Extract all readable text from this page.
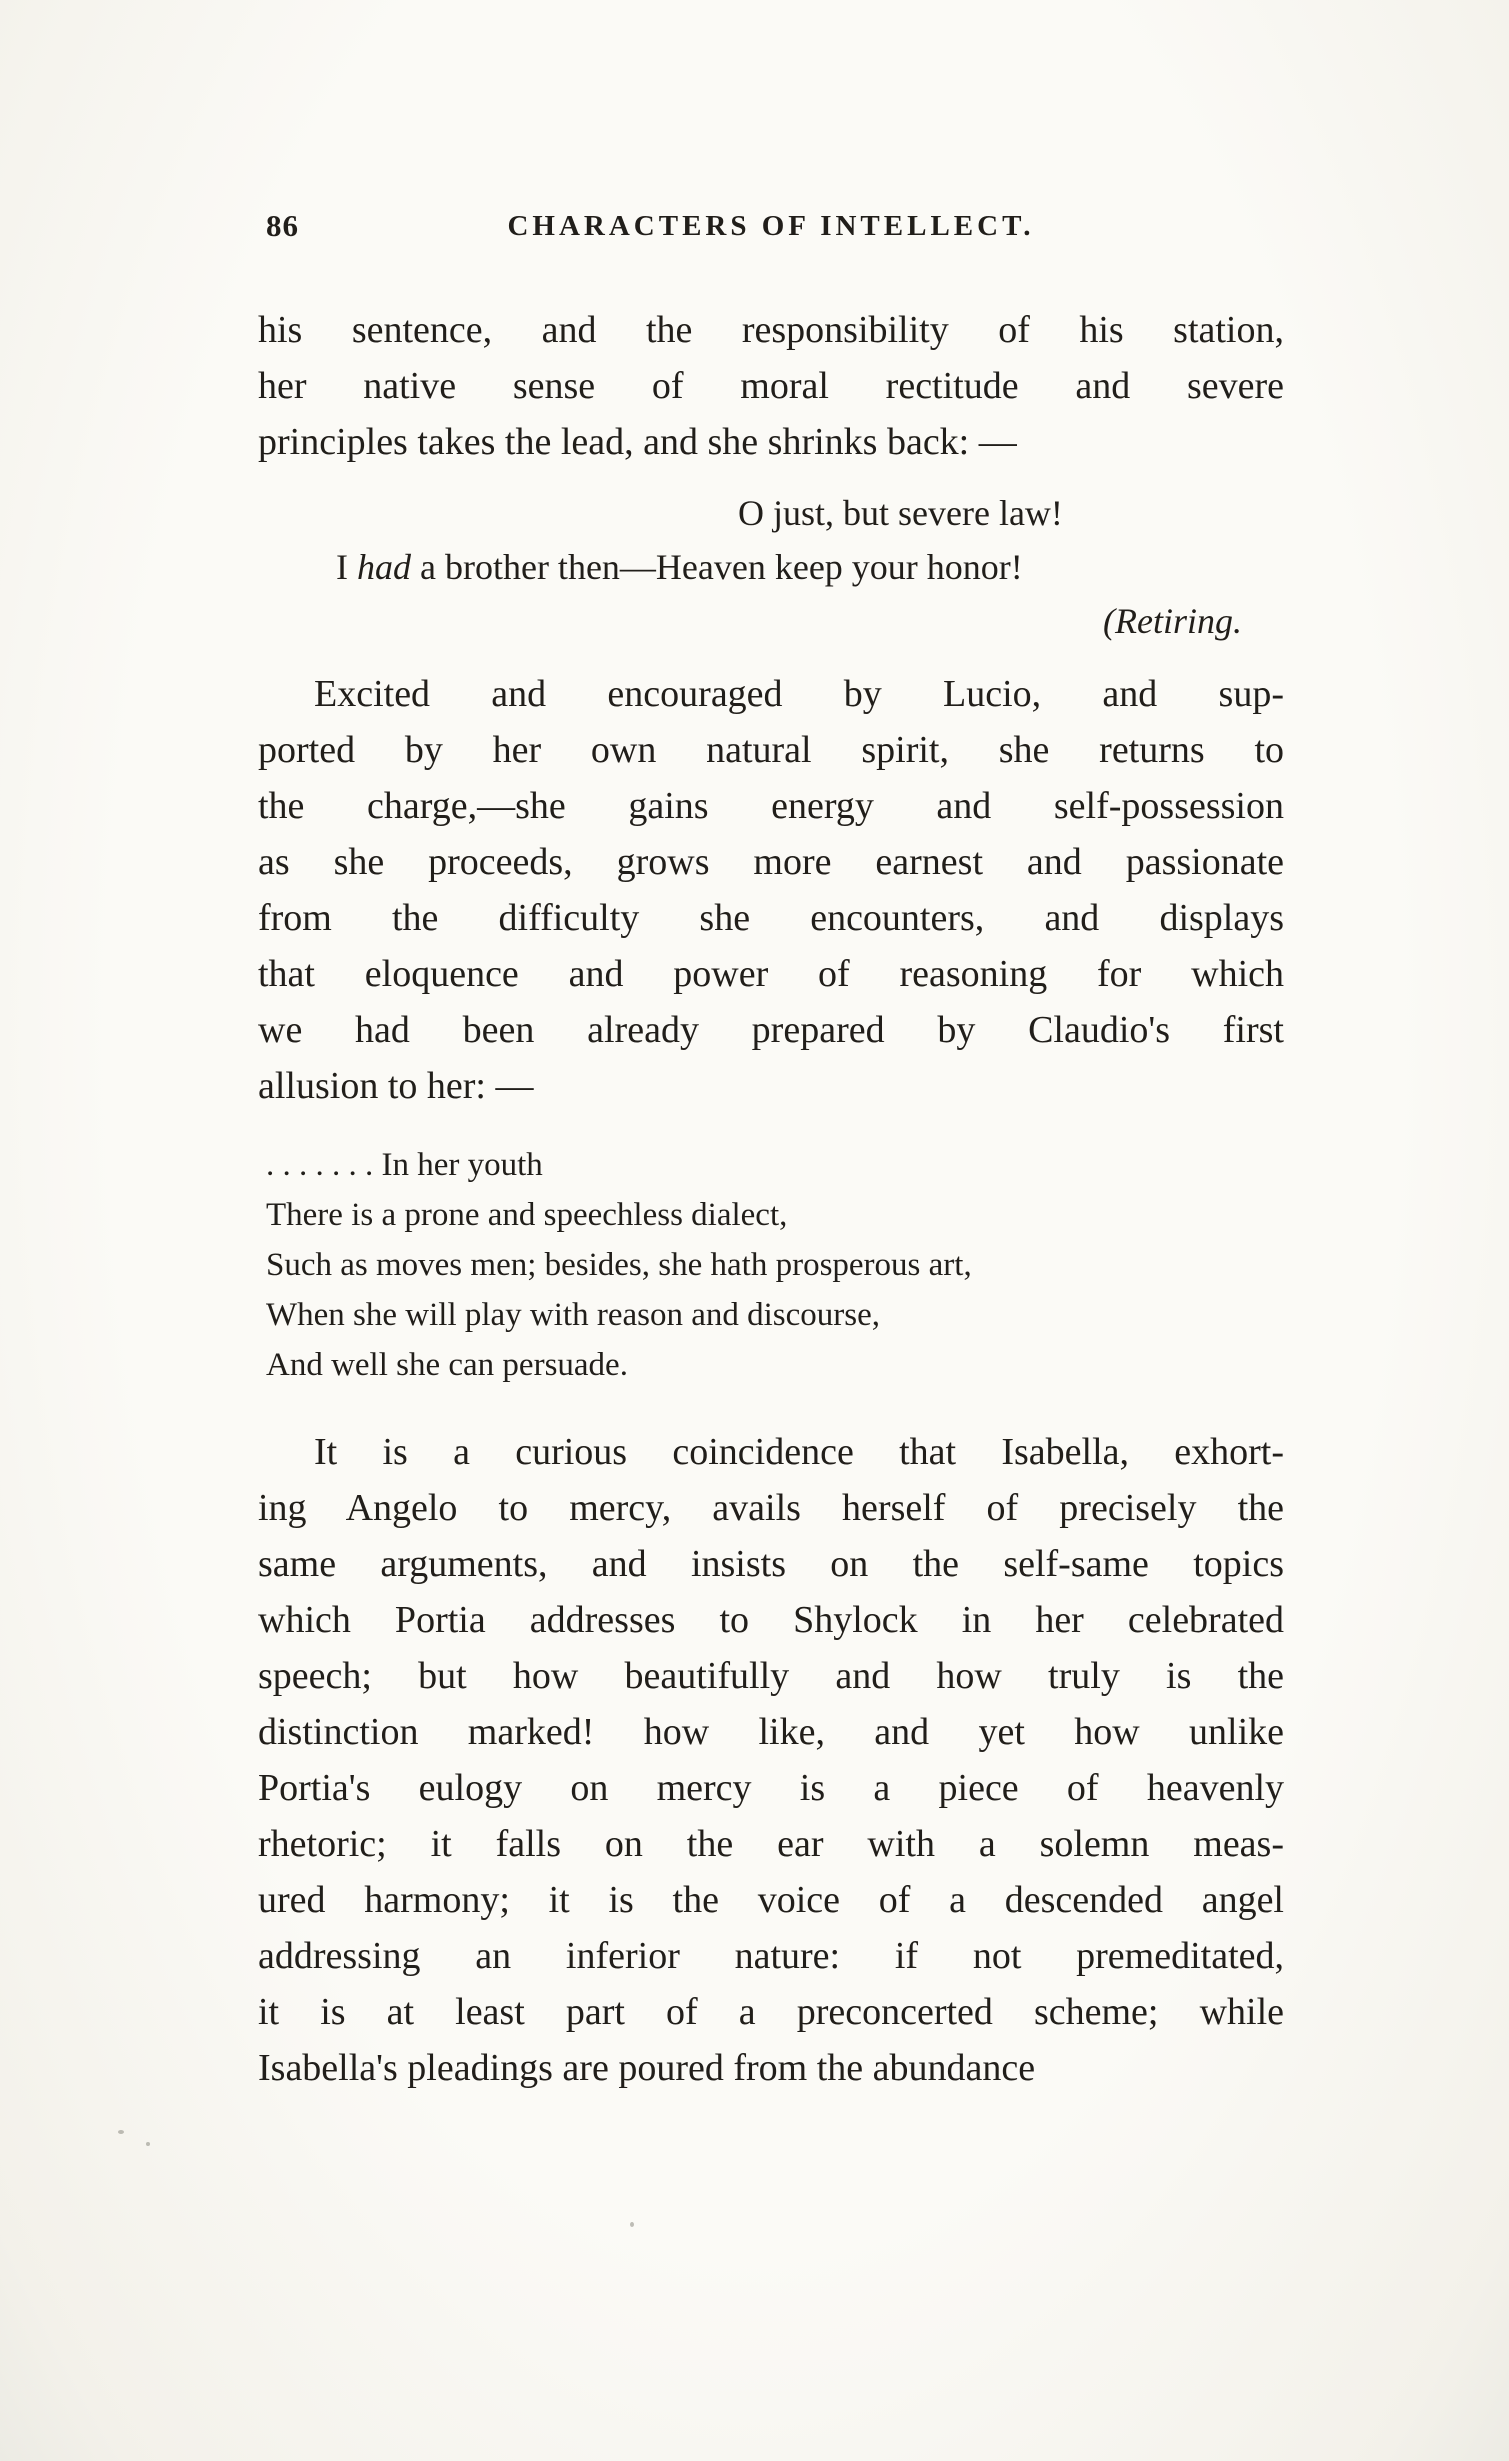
86	CHARACTERS OF INTELLECT.
his sentence, and the responsibility of his station,
her native sense of moral rectitude and severe
principles takes the lead, and she shrinks back: —
O just, but severe law!
I had a brother then—Heaven keep your honor!
(Retiring.
Excited and encouraged by Lucio, and sup-
ported by her own natural spirit, she returns to
the charge,—she gains energy and self-possession
as she proceeds, grows more earnest and passionate
from the difficulty she encounters, and displays
that eloquence and power of reasoning for which
we had been already prepared by Claudio's first
allusion to her: —
. . . . . . . In her youth
There is a prone and speechless dialect,
Such as moves men; besides, she hath prosperous art,
When she will play with reason and discourse,
And well she can persuade.
It is a curious coincidence that Isabella, exhort-
ing Angelo to mercy, avails herself of precisely the
same arguments, and insists on the self-same topics
which Portia addresses to Shylock in her celebrated
speech; but how beautifully and how truly is the
distinction marked! how like, and yet how unlike
Portia's eulogy on mercy is a piece of heavenly
rhetoric; it falls on the ear with a solemn meas-
ured harmony; it is the voice of a descended angel
addressing an inferior nature: if not premeditated,
it is at least part of a preconcerted scheme; while
Isabella's pleadings are poured from the abundance
